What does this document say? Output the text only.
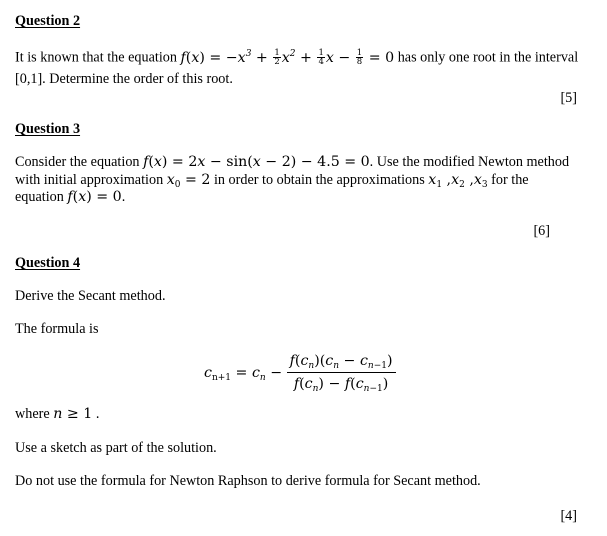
Question 2
It is known that the equation $f(x) = -x^3 + \frac{1}{2} x^2 + \frac{1}{4}$ $x - \frac{1}{8} = 0$ has only one root in the interval
[0,1]. Determine the order of this root.
[5]
Question 3
Consider the equation f(x) = 2x − sin(x − 2) − 4.5 = 0. Use the modified Newton method
with initial approximation $x_0 = 2$ in order to obtain the approximations $x_1$ $,x_2$ $,x_3$ for the
equation f(x) = 0.
[6]
Question 4
Derive the Secant method.
The formula is
$c_{n+1} = c_n - \frac{f(c_n)(c_n - c_{n-1})}{f(c_n) - f(c_{n-1})}$
where n ≥ 1 .
Use a sketch as part of the solution.
Do not use the formula for Newton Raphson to derive formula for Secant method.
[4]
